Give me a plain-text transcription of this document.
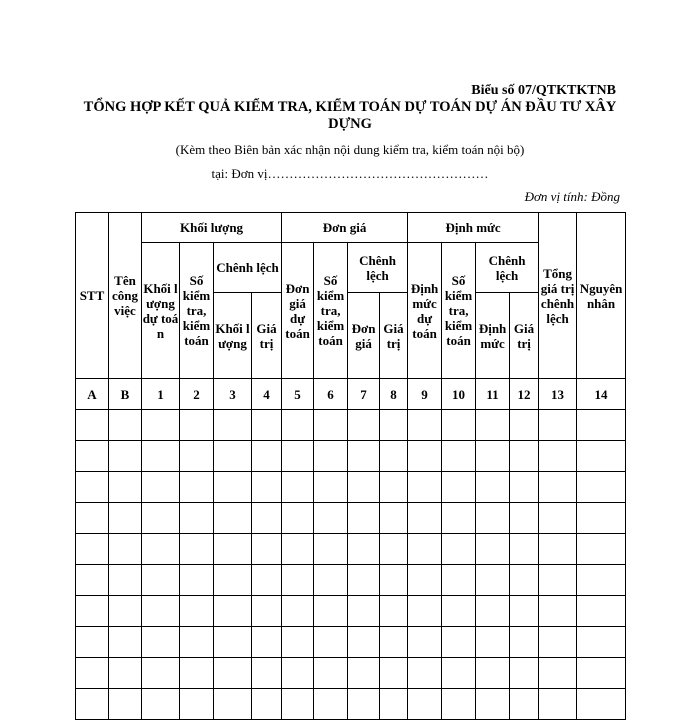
Biểu số 07/QTKTKTNB
TỔNG HỢP KẾT QUẢ KIỂM TRA, KIỂM TOÁN DỰ TOÁN DỰ ÁN ĐẦU TƯ XÂY DỰNG
(Kèm theo Biên bản xác nhận nội dung kiểm tra, kiểm toán nội bộ)
tại: Đơn vị……………………………………………
Đơn vị tính: Đồng
STT	Tên công việc	Khối lượng				Đơn giá				Định mức				Tổng giá trị chênh lệch	Nguyên nhân
		Khối lượng dự toán	Số kiểm tra, kiểm toán	Chênh lệch		Đơn giá dự toán	Số kiểm tra, kiểm toán	Chênh lệch		Định mức dự toán	Số kiểm tra, kiểm toán	Chênh lệch			
				Khối lượng	Giá trị			Đơn giá	Giá trị			Định mức	Giá trị		
A	B	1	2	3	4	5	6	7	8	9	10	11	12	13	14
